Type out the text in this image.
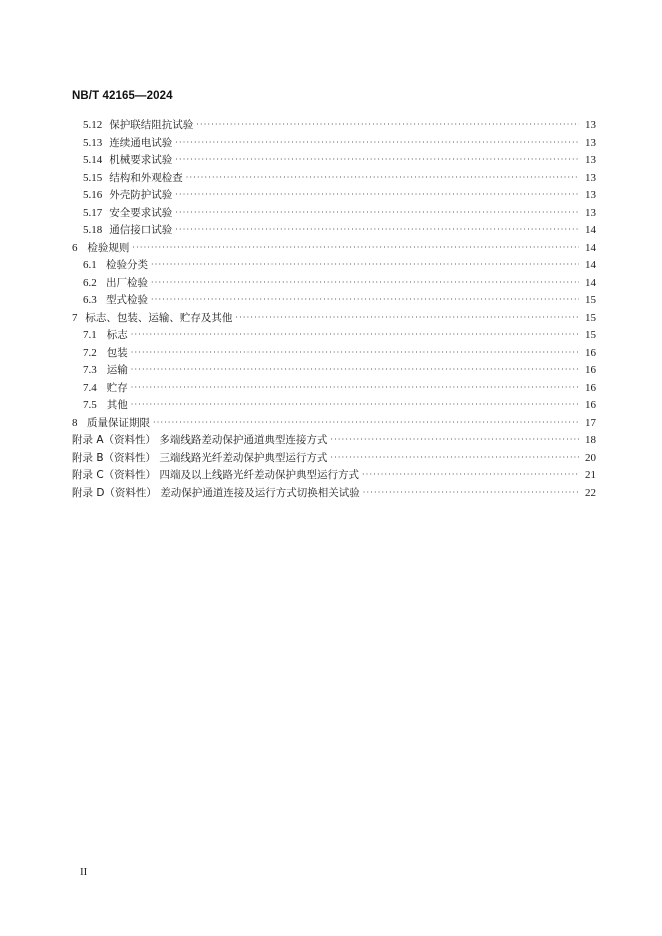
NB/T 42165—2024
5.12 保护联结阻抗试验 ·····	13
5.13 连续通电试验 ·····	13
5.14 机械要求试验 ·····	13
5.15 结构和外观检查 ·····	13
5.16 外壳防护试验 ·····	13
5.17 安全要求试验 ·····	13
5.18 通信接口试验 ·····	14
6 检验规则 ·····	14
6.1 检验分类 ·····	14
6.2 出厂检验 ·····	14
6.3 型式检验 ·····	15
7 标志、包装、运输、贮存及其他 ·····	15
7.1 标志 ·····	15
7.2 包装 ·····	16
7.3 运输 ·····	16
7.4 贮存 ·····	16
7.5 其他 ·····	16
8 质量保证期限 ·····	17
附录 A（资料性） 多端线路差动保护通道典型连接方式 ·····	18
附录 B（资料性） 三端线路光纤差动保护典型运行方式 ·····	20
附录 C（资料性） 四端及以上线路光纤差动保护典型运行方式 ·····	21
附录 D（资料性） 差动保护通道连接及运行方式切换相关试验 ·····	22
II
